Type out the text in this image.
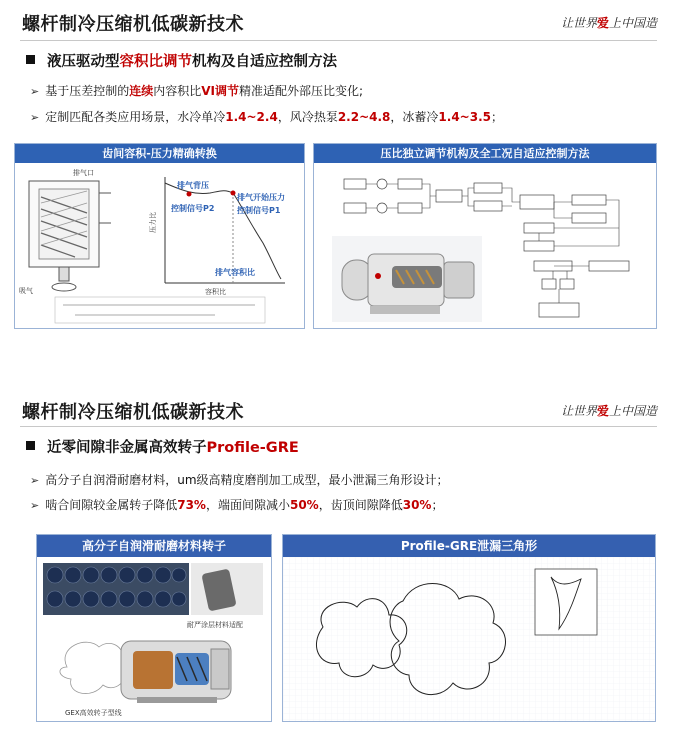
螺杆制冷压缩机低碳新技术	让世界爱上中国造
液压驱动型容积比调节机构及自适应控制方法
➢ 基于压差控制的连续内容积比VI调节精准适配外部压比变化;
➢ 定制匹配各类应用场景，水冷单冷1.4~2.4，风冷热泵2.2~4.8，冰蓄冷1.4~3.5；
齿间容积-压力精确转换
排气口
吸气
排气背压
控制信号P2
排气开始压力
控制信号P1
排气容积比
容积比
压力比
压比独立调节机构及全工况自适应控制方法
螺杆制冷压缩机低碳新技术	让世界爱上中国造
近零间隙非金属高效转子Profile-GRE
➢ 高分子自润滑耐磨材料，um级高精度磨削加工成型，最小泄漏三角形设计；
➢ 啮合间隙较金属转子降低73%，端面间隙减小50%，齿顶间隙降低30%；
高分子自润滑耐磨材料转子
耐严涂层材料适配
GEX高效转子型线
Profile-GRE泄漏三角形
